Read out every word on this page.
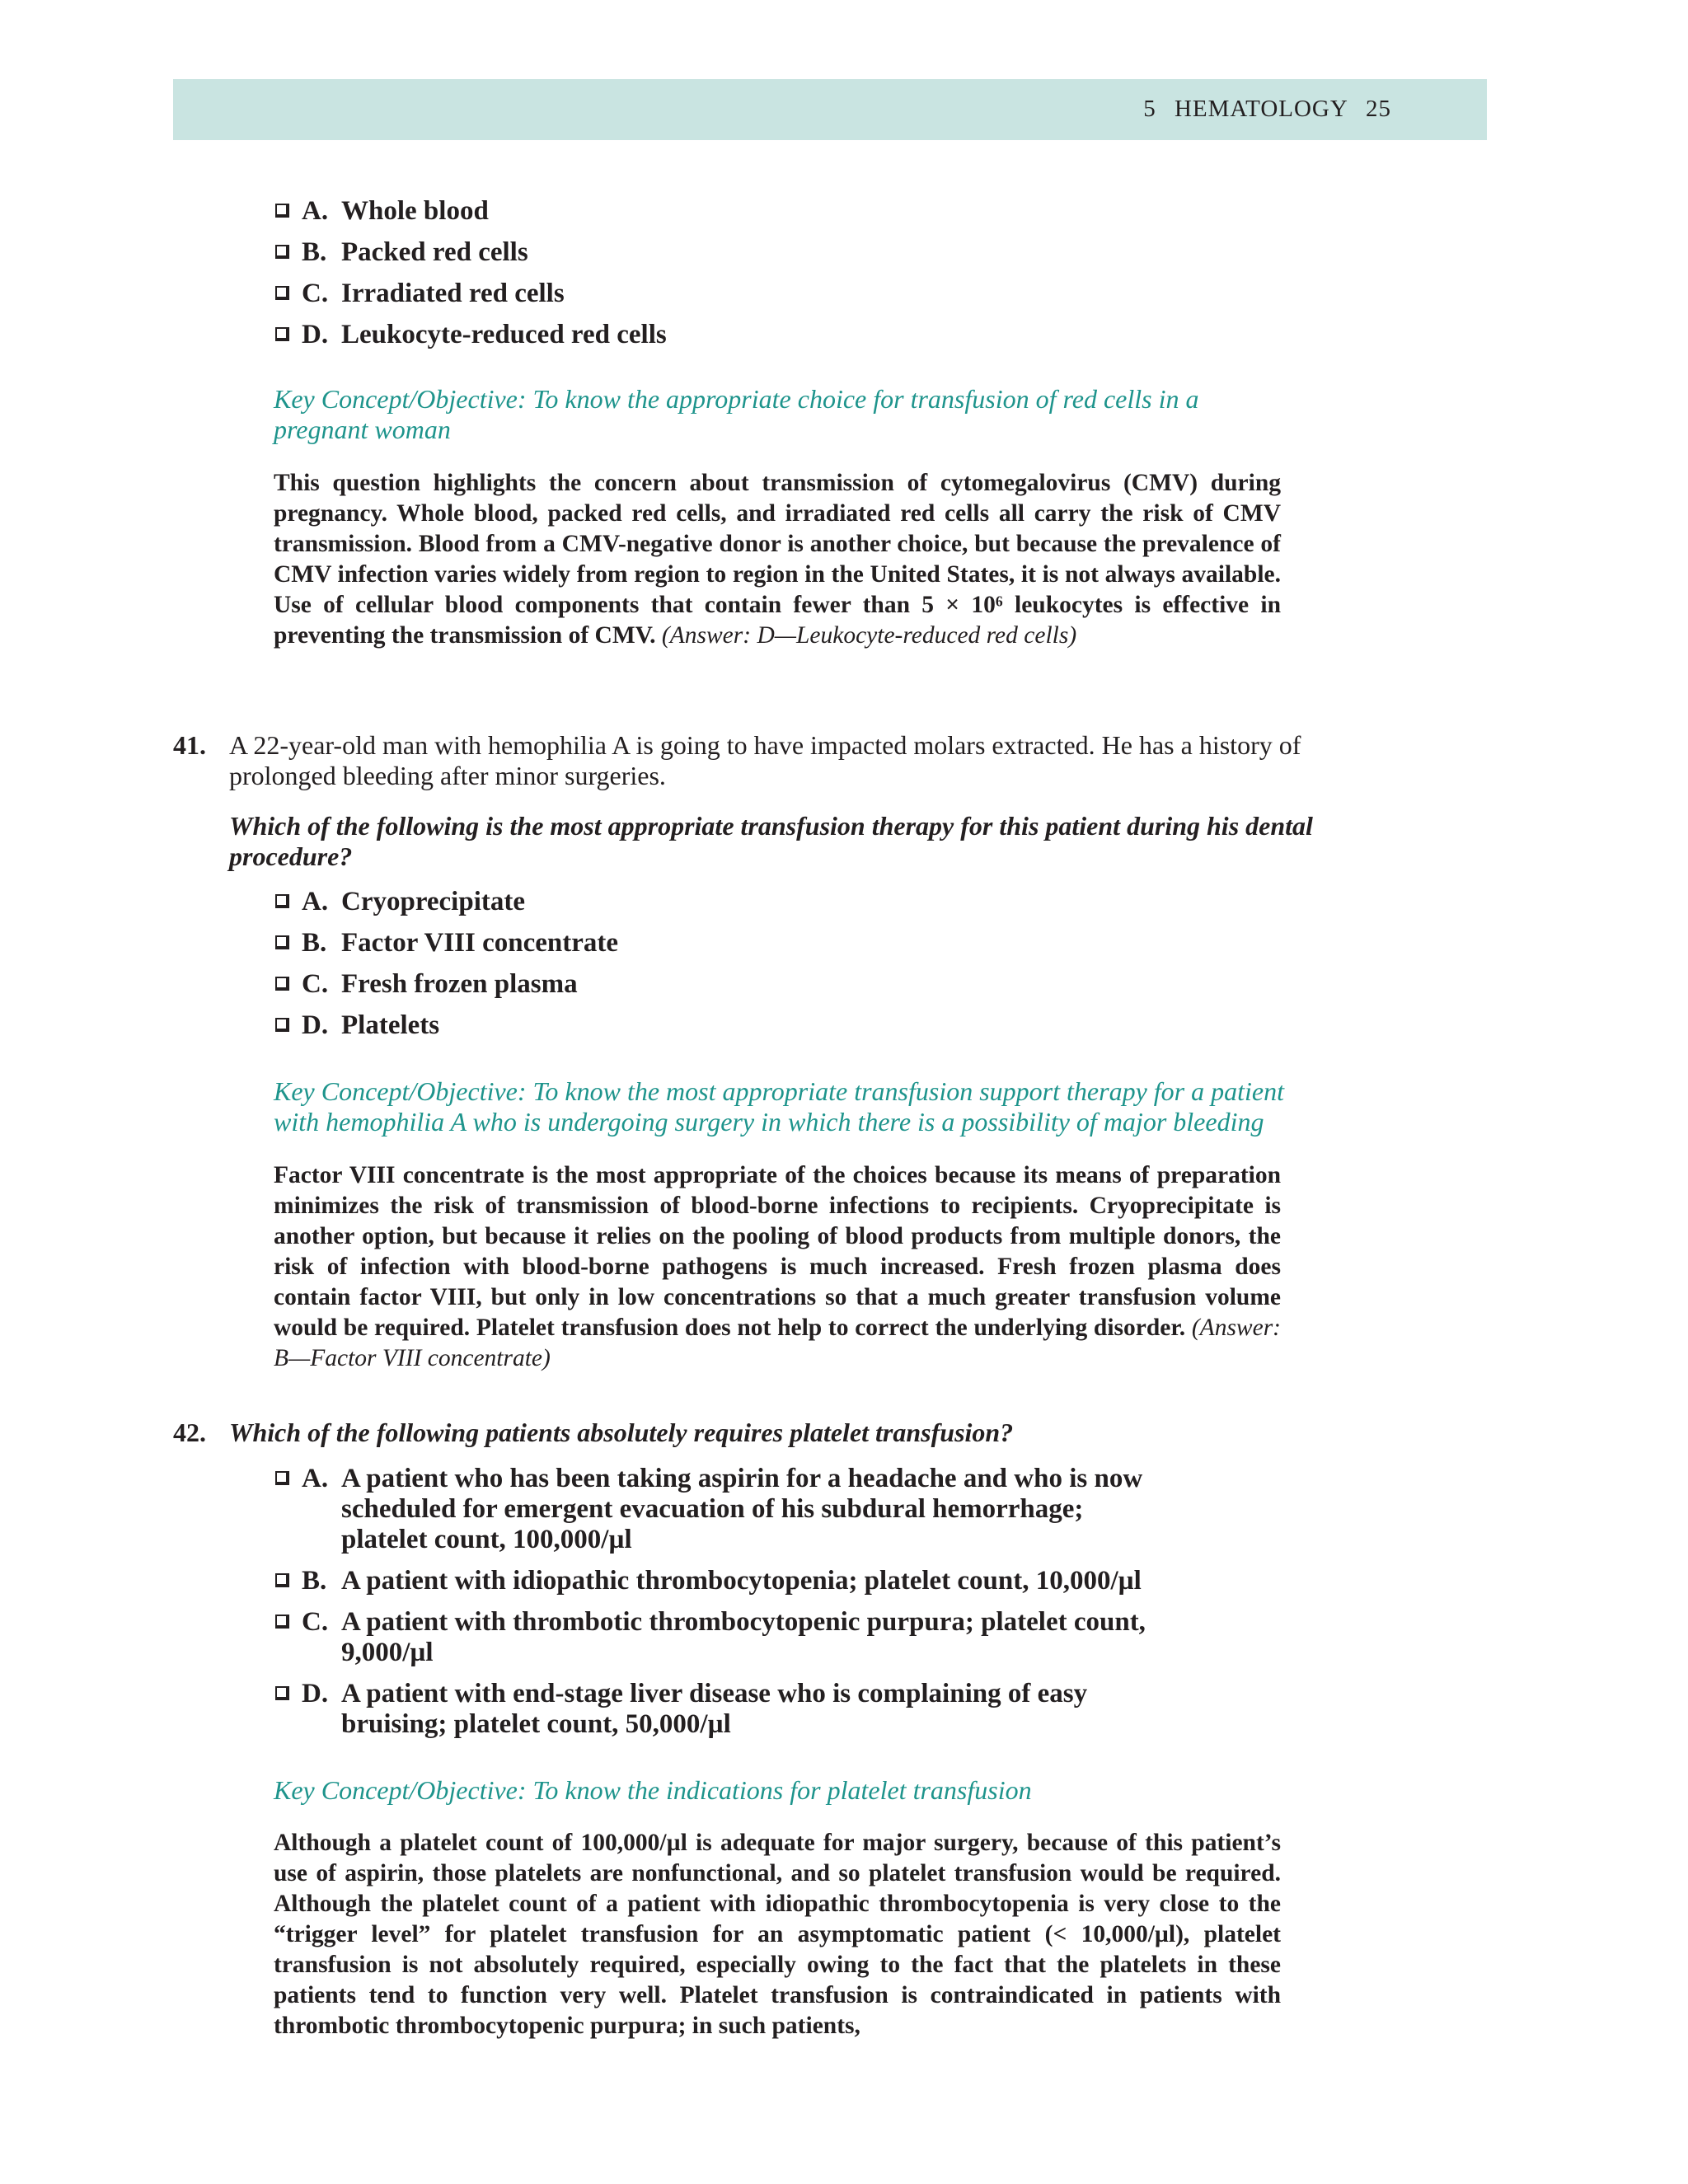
5 HEMATOLOGY 25
A. Whole blood
B. Packed red cells
C. Irradiated red cells
D. Leukocyte-reduced red cells
Key Concept/Objective: To know the appropriate choice for transfusion of red cells in a pregnant woman
This question highlights the concern about transmission of cytomegalovirus (CMV) during pregnancy. Whole blood, packed red cells, and irradiated red cells all carry the risk of CMV transmission. Blood from a CMV-negative donor is another choice, but because the prevalence of CMV infection varies widely from region to region in the United States, it is not always available. Use of cellular blood components that contain fewer than 5 × 10⁶ leukocytes is effective in preventing the transmission of CMV. (Answer: D—Leukocyte-reduced red cells)
41. A 22-year-old man with hemophilia A is going to have impacted molars extracted. He has a history of prolonged bleeding after minor surgeries.
Which of the following is the most appropriate transfusion therapy for this patient during his dental procedure?
A. Cryoprecipitate
B. Factor VIII concentrate
C. Fresh frozen plasma
D. Platelets
Key Concept/Objective: To know the most appropriate transfusion support therapy for a patient with hemophilia A who is undergoing surgery in which there is a possibility of major bleeding
Factor VIII concentrate is the most appropriate of the choices because its means of preparation minimizes the risk of transmission of blood-borne infections to recipients. Cryoprecipitate is another option, but because it relies on the pooling of blood products from multiple donors, the risk of infection with blood-borne pathogens is much increased. Fresh frozen plasma does contain factor VIII, but only in low concentrations so that a much greater transfusion volume would be required. Platelet transfusion does not help to correct the underlying disorder. (Answer: B—Factor VIII concentrate)
42. Which of the following patients absolutely requires platelet transfusion?
A. A patient who has been taking aspirin for a headache and who is now scheduled for emergent evacuation of his subdural hemorrhage; platelet count, 100,000/µl
B. A patient with idiopathic thrombocytopenia; platelet count, 10,000/µl
C. A patient with thrombotic thrombocytopenic purpura; platelet count, 9,000/µl
D. A patient with end-stage liver disease who is complaining of easy bruising; platelet count, 50,000/µl
Key Concept/Objective: To know the indications for platelet transfusion
Although a platelet count of 100,000/µl is adequate for major surgery, because of this patient’s use of aspirin, those platelets are nonfunctional, and so platelet transfusion would be required. Although the platelet count of a patient with idiopathic thrombocytopenia is very close to the “trigger level” for platelet transfusion for an asymptomatic patient (< 10,000/µl), platelet transfusion is not absolutely required, especially owing to the fact that the platelets in these patients tend to function very well. Platelet transfusion is contraindicated in patients with thrombotic thrombocytopenic purpura; in such patients,
